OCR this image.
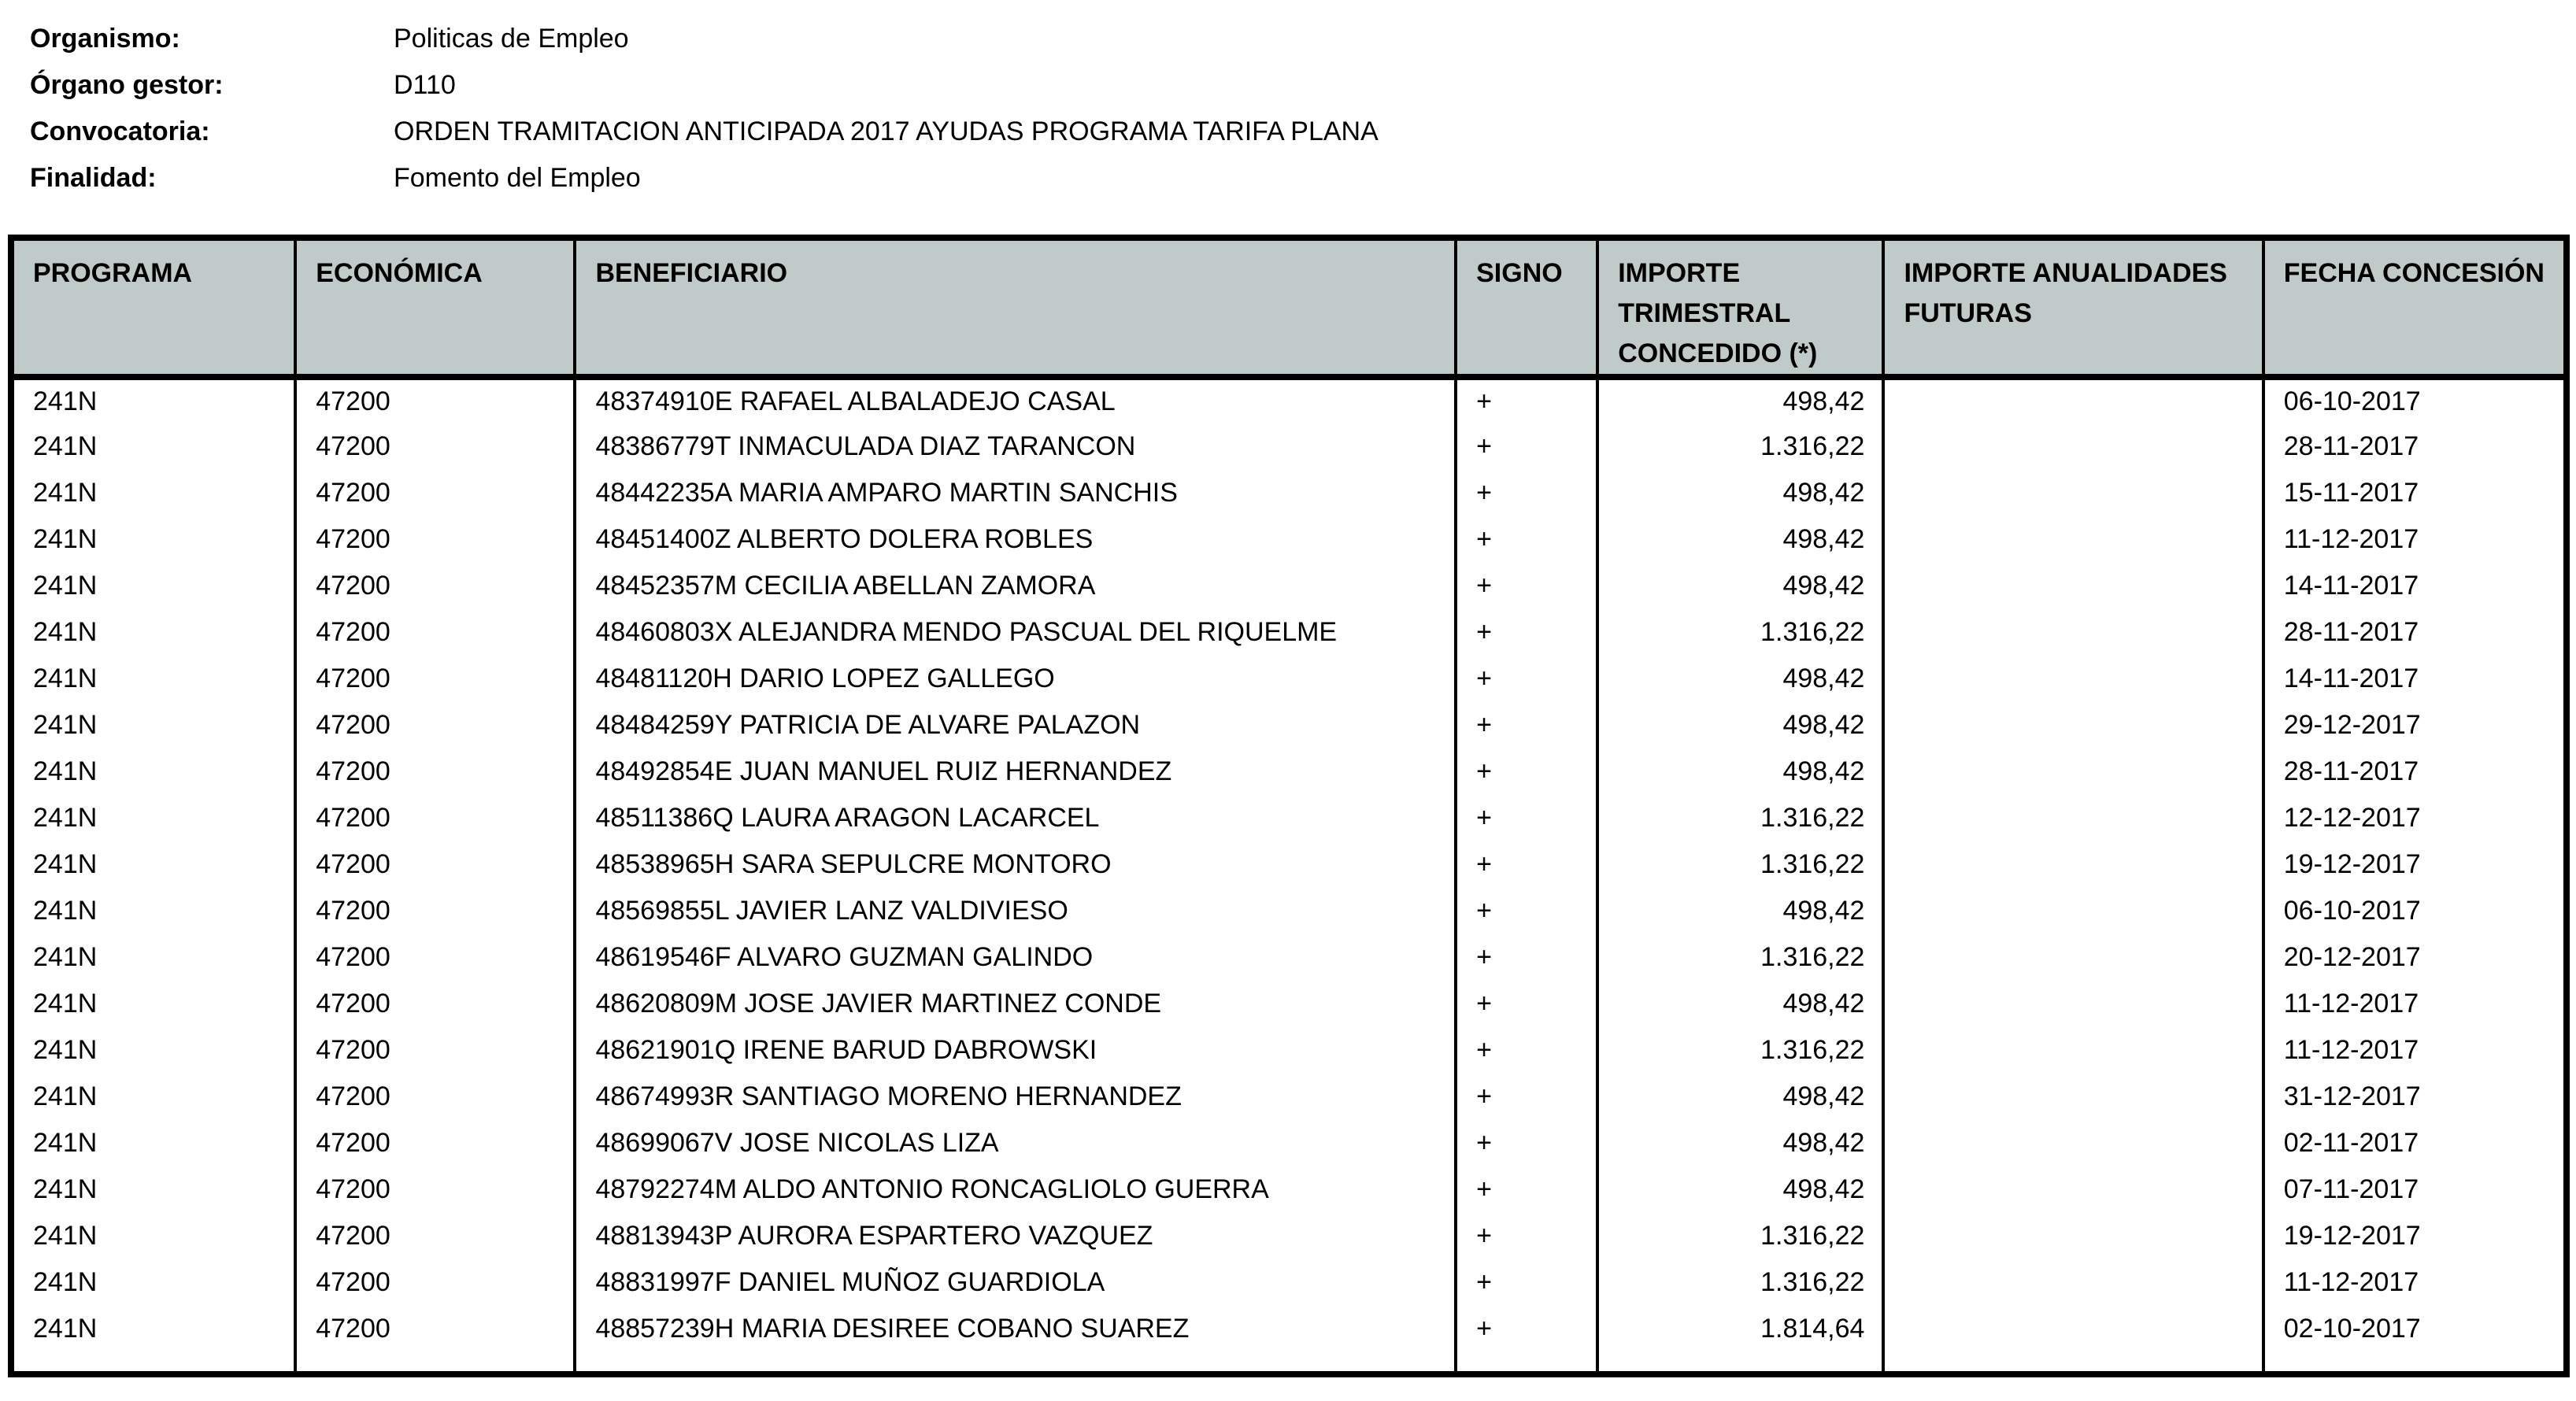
Organismo:	Politicas de Empleo
Órgano gestor:	D110
Convocatoria:	ORDEN TRAMITACION ANTICIPADA 2017 AYUDAS PROGRAMA TARIFA PLANA
Finalidad:	Fomento del Empleo
PROGRAMA	ECONÓMICA	BENEFICIARIO	SIGNO	IMPORTE TRIMESTRAL CONCEDIDO (*)	IMPORTE ANUALIDADES FUTURAS	FECHA CONCESIÓN
241N	47200	48374910E RAFAEL ALBALADEJO CASAL	+	498,42		06-10-2017
241N	47200	48386779T INMACULADA DIAZ TARANCON	+	1.316,22		28-11-2017
241N	47200	48442235A MARIA AMPARO MARTIN SANCHIS	+	498,42		15-11-2017
241N	47200	48451400Z ALBERTO DOLERA ROBLES	+	498,42		11-12-2017
241N	47200	48452357M CECILIA ABELLAN ZAMORA	+	498,42		14-11-2017
241N	47200	48460803X ALEJANDRA MENDO PASCUAL DEL RIQUELME	+	1.316,22		28-11-2017
241N	47200	48481120H DARIO LOPEZ GALLEGO	+	498,42		14-11-2017
241N	47200	48484259Y PATRICIA DE ALVARE PALAZON	+	498,42		29-12-2017
241N	47200	48492854E JUAN MANUEL RUIZ HERNANDEZ	+	498,42		28-11-2017
241N	47200	48511386Q LAURA ARAGON LACARCEL	+	1.316,22		12-12-2017
241N	47200	48538965H SARA SEPULCRE MONTORO	+	1.316,22		19-12-2017
241N	47200	48569855L JAVIER LANZ VALDIVIESO	+	498,42		06-10-2017
241N	47200	48619546F ALVARO GUZMAN GALINDO	+	1.316,22		20-12-2017
241N	47200	48620809M JOSE JAVIER MARTINEZ CONDE	+	498,42		11-12-2017
241N	47200	48621901Q IRENE BARUD DABROWSKI	+	1.316,22		11-12-2017
241N	47200	48674993R SANTIAGO MORENO HERNANDEZ	+	498,42		31-12-2017
241N	47200	48699067V JOSE NICOLAS LIZA	+	498,42		02-11-2017
241N	47200	48792274M ALDO ANTONIO RONCAGLIOLO GUERRA	+	498,42		07-11-2017
241N	47200	48813943P AURORA ESPARTERO VAZQUEZ	+	1.316,22		19-12-2017
241N	47200	48831997F DANIEL MUÑOZ GUARDIOLA	+	1.316,22		11-12-2017
241N	47200	48857239H MARIA DESIREE COBANO SUAREZ	+	1.814,64		02-10-2017
